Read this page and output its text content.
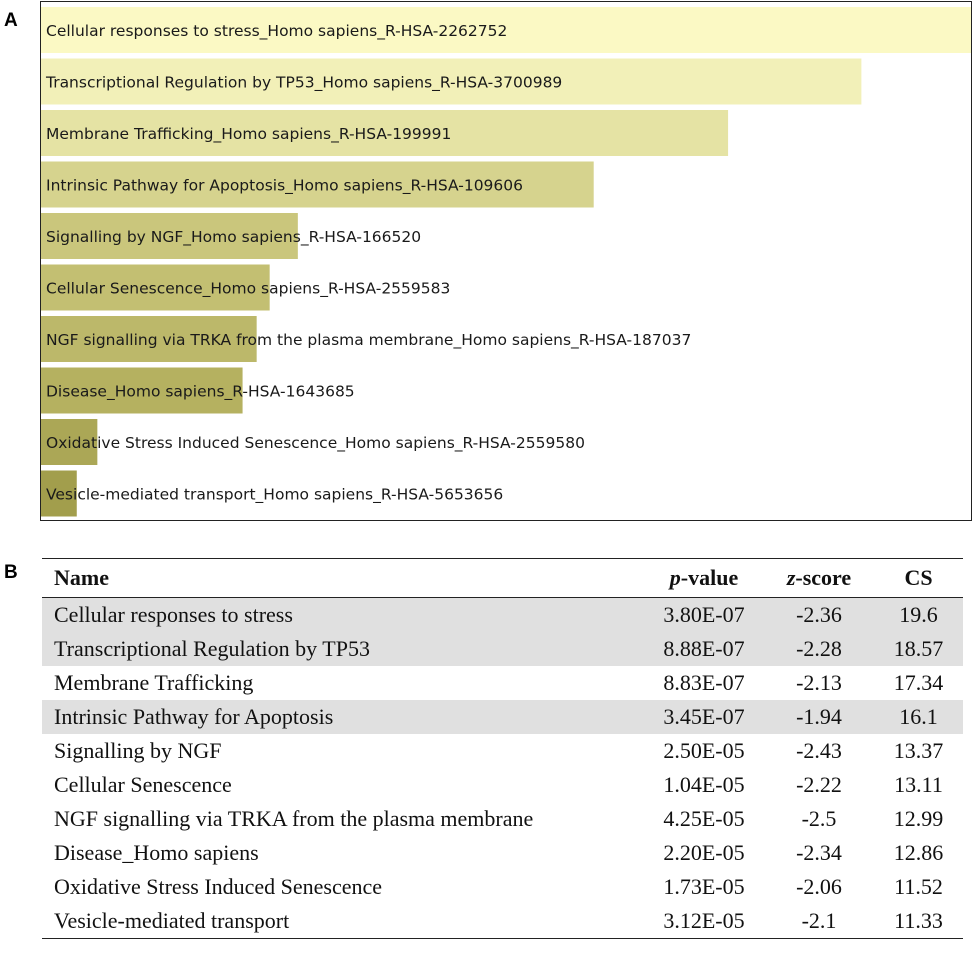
A
B
Cellular responses to stress_Homo sapiens_R-HSA-2262752
Transcriptional Regulation by TP53_Homo sapiens_R-HSA-3700989
Membrane Trafficking_Homo sapiens_R-HSA-199991
Intrinsic Pathway for Apoptosis_Homo sapiens_R-HSA-109606
Signalling by NGF_Homo sapiens_R-HSA-166520
Cellular Senescence_Homo sapiens_R-HSA-2559583
NGF signalling via TRKA from the plasma membrane_Homo sapiens_R-HSA-187037
Disease_Homo sapiens_R-HSA-1643685
Oxidative Stress Induced Senescence_Homo sapiens_R-HSA-2559580
Vesicle-mediated transport_Homo sapiens_R-HSA-5653656
Name	p-value	z-score	CS
Cellular responses to stress	3.80E-07	-2.36	19.6
Transcriptional Regulation by TP53	8.88E-07	-2.28	18.57
Membrane Trafficking	8.83E-07	-2.13	17.34
Intrinsic Pathway for Apoptosis	3.45E-07	-1.94	16.1
Signalling by NGF	2.50E-05	-2.43	13.37
Cellular Senescence	1.04E-05	-2.22	13.11
NGF signalling via TRKA from the plasma membrane	4.25E-05	-2.5	12.99
Disease_Homo sapiens	2.20E-05	-2.34	12.86
Oxidative Stress Induced Senescence	1.73E-05	-2.06	11.52
Vesicle-mediated transport	3.12E-05	-2.1	11.33
